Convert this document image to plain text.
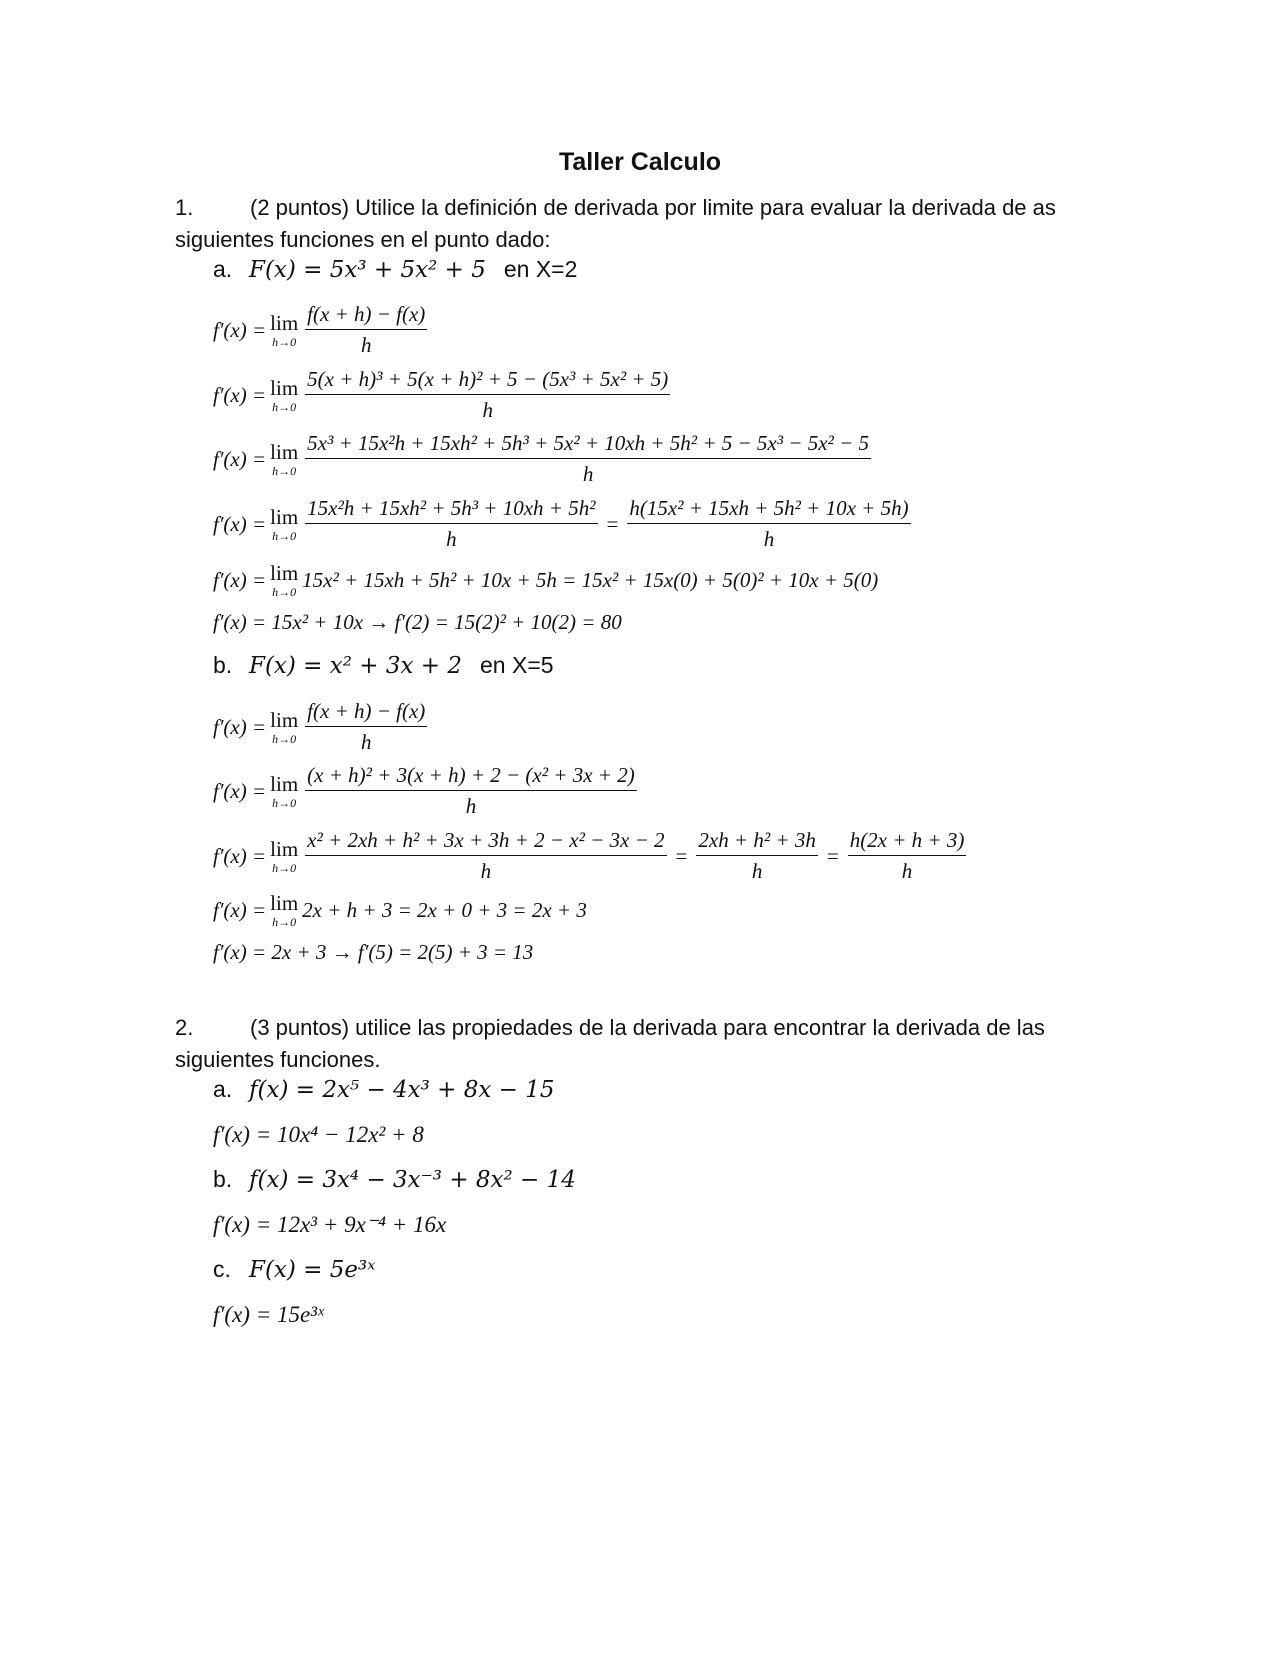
Taller Calculo
1.	(2 puntos) Utilice la definición de derivada por limite para evaluar la derivada de as siguientes funciones en el punto dado:
a. F(x) = 5x³ + 5x² + 5 en X=2
f′(x) = lim
$h\to 0 \frac{f(x + h) - f(x)}{h}$
f′(x) = lim
$h\to 0 \frac{\text{5(x + h)³ + 5(x + h)² + 5 − (5x³ + 5x² + 5)}}{h}$
f′(x) = lim
h→0
5x³ + 15x²h + 15xh² + 5h³ + 5x² + 10xh + 5h² + 5 − 5x³ − 5x² − 5
h
f′(x) = lim
$h\to 0 \frac{\text{15x²h + 15xh² + 5h³ + 10xh + 5h²}}{h} = \frac{\text{h(15x² + 15xh + 5h² + 10x + 5h)}}{h}$
f′(x) = lim
h→0 15x² + 15xh + 5h² + 10x + 5h = 15x² + 15x(0) + 5(0)² + 10x + 5(0)
f′(x) = 15x² + 10x → f′(2) = 15(2)² + 10(2) = 80
b. F(x) = x² + 3x + 2 en X=5
f′(x) = lim
$h\to 0 \frac{f(x + h) - f(x)}{h}$
f′(x) = lim
$h\to 0 \frac{\text{(x + h)² + 3(x + h) + 2 − (x² + 3x + 2)}}{h}$
f′(x) = lim
$h\to 0 \frac{\text{x² + 2xh + h² + 3x + 3h + 2 − x² − 3x − 2}}{h} = \frac{\text{2xh + h² + 3h}}{h} = \frac{h(2x + h + 3)}{h}$
f′(x) = lim
h→0 2x + h + 3 = 2x + 0 + 3 = 2x + 3
f′(x) = 2x + 3 → f′(5) = 2(5) + 3 = 13
2.	(3 puntos) utilice las propiedades de la derivada para encontrar la derivada de las siguientes funciones.
a. f(x) = 2x⁵ − 4x³ + 8x − 15
f′(x) = 10x⁴ − 12x² + 8
b. f(x) = 3x⁴ − 3x⁻³ + 8x² − 14
f′(x) = 12x³ + 9x⁻⁴ + 16x
c. F(x) = 5e³ˣ
f′(x) = 15e³ˣ
